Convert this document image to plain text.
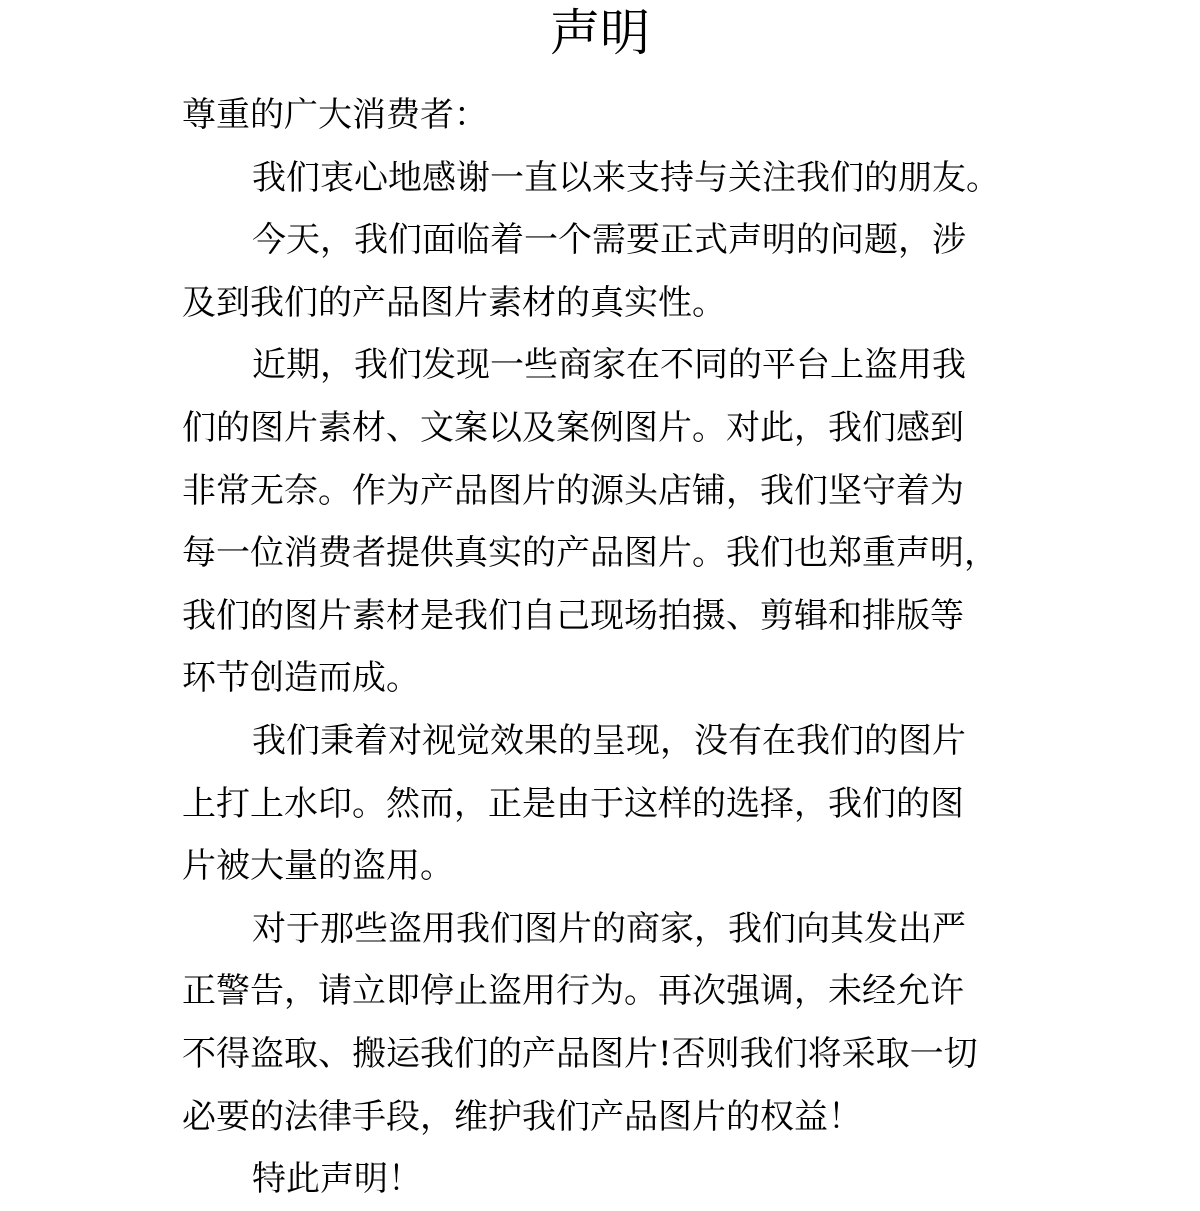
声明
尊重的广大消费者：
我们衷心地感谢一直以来支持与关注我们的朋友。
今天，我们面临着一个需要正式声明的问题，涉
及到我们的产品图片素材的真实性。
近期，我们发现一些商家在不同的平台上盗用我
们的图片素材、文案以及案例图片。对此，我们感到
非常无奈。作为产品图片的源头店铺，我们坚守着为
每一位消费者提供真实的产品图片。我们也郑重声明，
我们的图片素材是我们自己现场拍摄、剪辑和排版等
环节创造而成。
我们秉着对视觉效果的呈现，没有在我们的图片
上打上水印。然而，正是由于这样的选择，我们的图
片被大量的盗用。
对于那些盗用我们图片的商家，我们向其发出严
正警告，请立即停止盗用行为。再次强调，未经允许
不得盗取、搬运我们的产品图片!否则我们将采取一切
必要的法律手段，维护我们产品图片的权益！
特此声明！
